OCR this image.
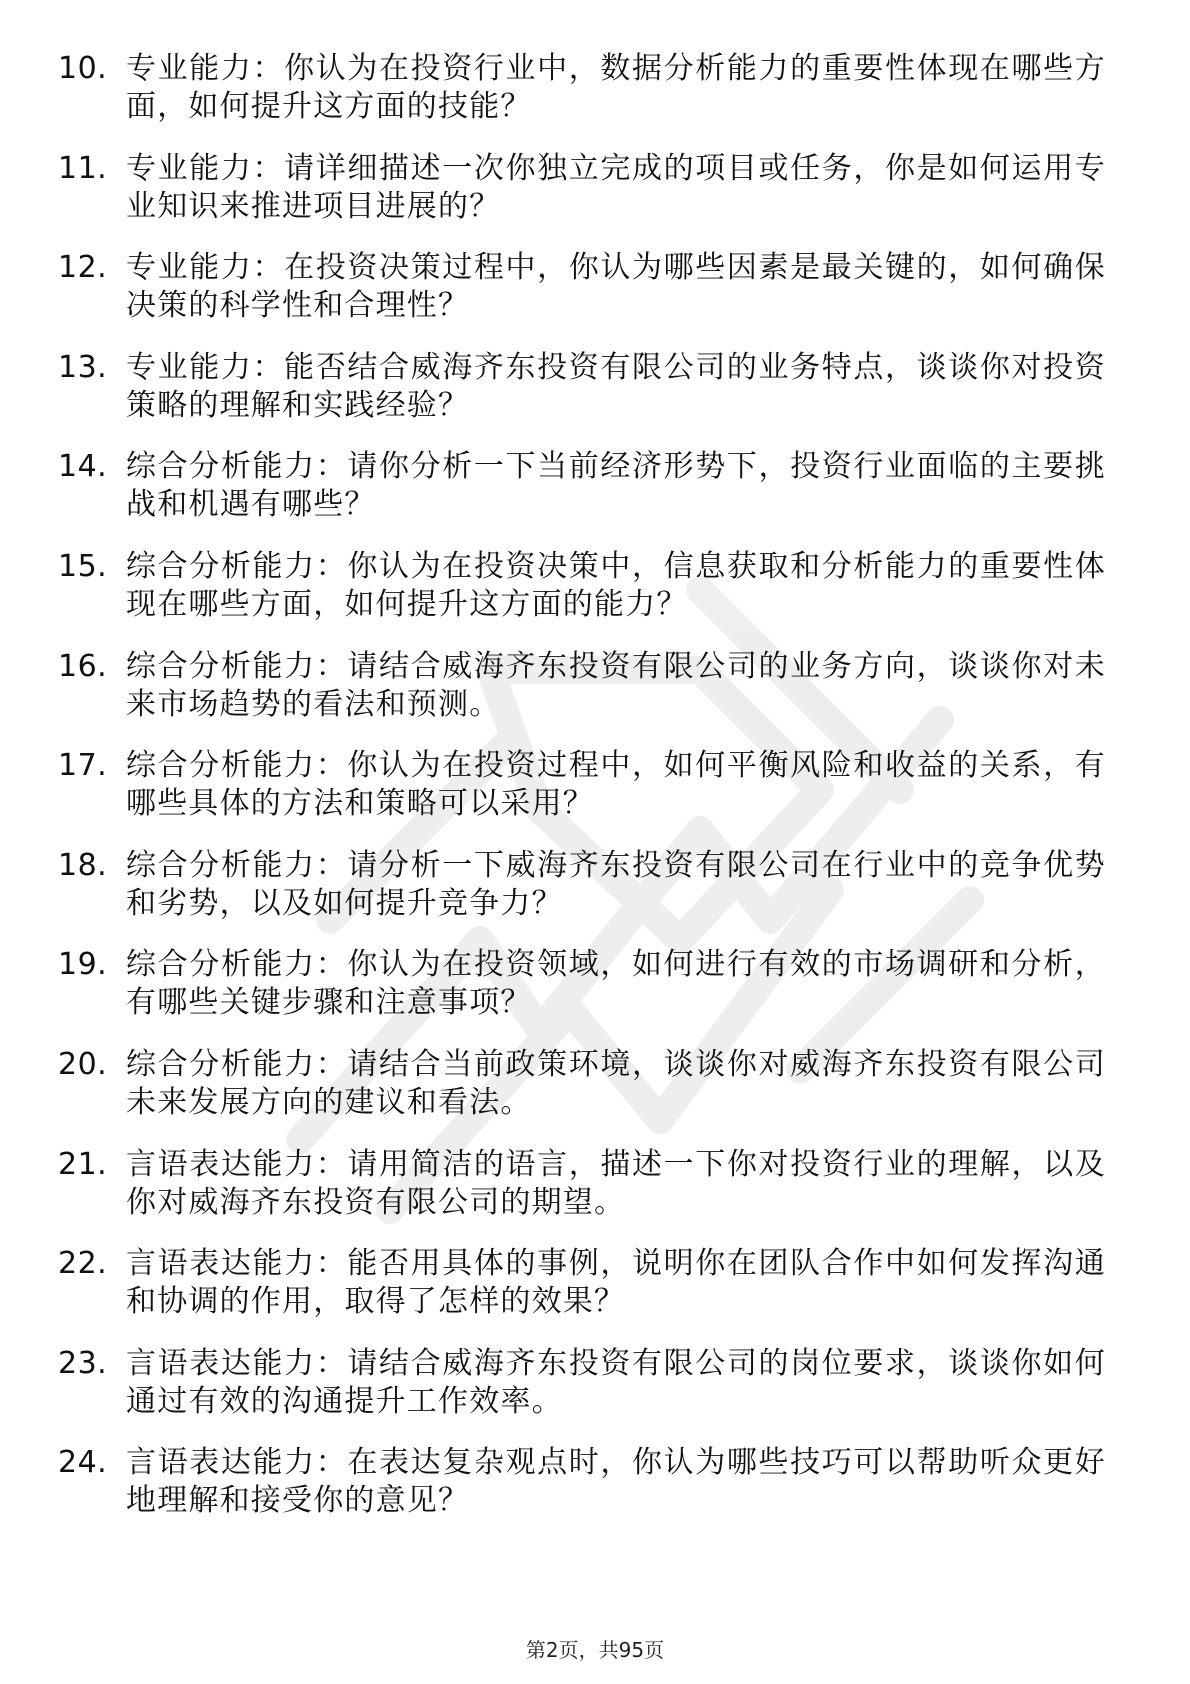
10. 专业能力：你认为在投资行业中，数据分析能力的重要性体现在哪些方面，如何提升这方面的技能？
11. 专业能力：请详细描述一次你独立完成的项目或任务，你是如何运用专业知识来推进项目进展的？
12. 专业能力：在投资决策过程中，你认为哪些因素是最关键的，如何确保决策的科学性和合理性？
13. 专业能力：能否结合威海齐东投资有限公司的业务特点，谈谈你对投资策略的理解和实践经验？
14. 综合分析能力：请你分析一下当前经济形势下，投资行业面临的主要挑战和机遇有哪些？
15. 综合分析能力：你认为在投资决策中，信息获取和分析能力的重要性体现在哪些方面，如何提升这方面的能力？
16. 综合分析能力：请结合威海齐东投资有限公司的业务方向，谈谈你对未来市场趋势的看法和预测。
17. 综合分析能力：你认为在投资过程中，如何平衡风险和收益的关系，有哪些具体的方法和策略可以采用？
18. 综合分析能力：请分析一下威海齐东投资有限公司在行业中的竞争优势和劣势，以及如何提升竞争力？
19. 综合分析能力：你认为在投资领域，如何进行有效的市场调研和分析，有哪些关键步骤和注意事项？
20. 综合分析能力：请结合当前政策环境，谈谈你对威海齐东投资有限公司未来发展方向的建议和看法。
21. 言语表达能力：请用简洁的语言，描述一下你对投资行业的理解，以及你对威海齐东投资有限公司的期望。
22. 言语表达能力：能否用具体的事例，说明你在团队合作中如何发挥沟通和协调的作用，取得了怎样的效果？
23. 言语表达能力：请结合威海齐东投资有限公司的岗位要求，谈谈你如何通过有效的沟通提升工作效率。
24. 言语表达能力：在表达复杂观点时，你认为哪些技巧可以帮助听众更好地理解和接受你的意见？
第2页，共95页
